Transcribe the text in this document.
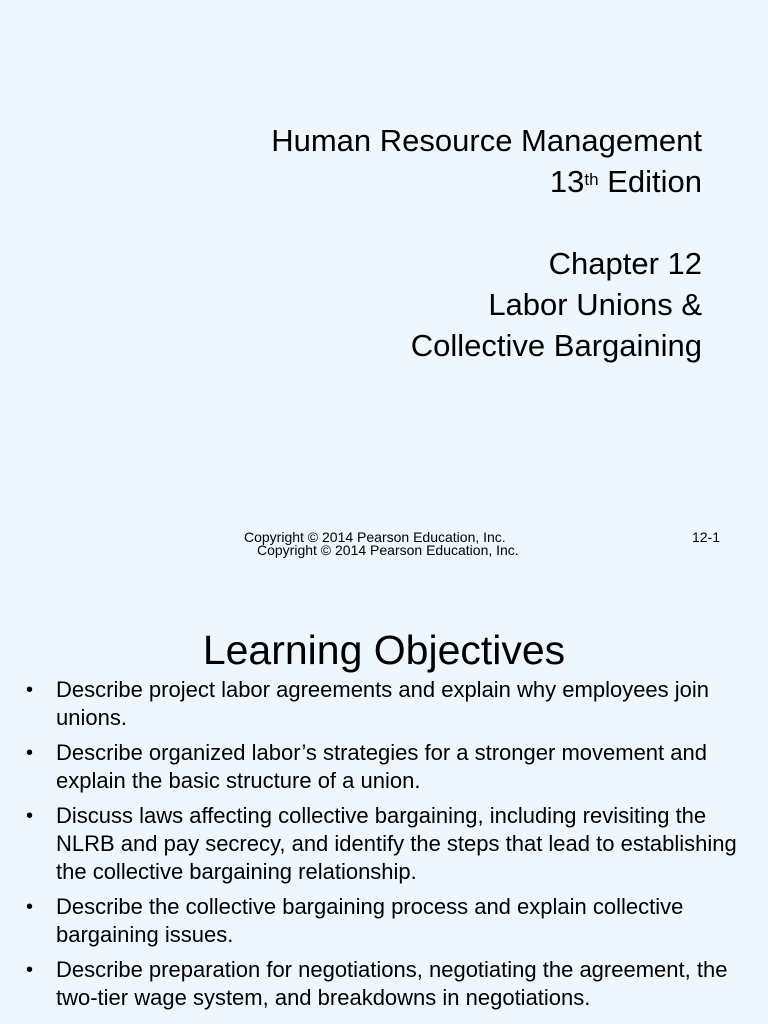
Human Resource Management
13th Edition
Chapter 12
Labor Unions &
Collective Bargaining
Copyright © 2014 Pearson Education, Inc.
Copyright © 2014 Pearson Education, Inc.
12-1
Learning Objectives
• Describe project labor agreements and explain why employees join unions.
• Describe organized labor’s strategies for a stronger movement and explain the basic structure of a union.
• Discuss laws affecting collective bargaining, including revisiting the NLRB and pay secrecy, and identify the steps that lead to establishing the collective bargaining relationship.
• Describe the collective bargaining process and explain collective bargaining issues.
• Describe preparation for negotiations, negotiating the agreement, the two-tier wage system, and breakdowns in negotiations.
